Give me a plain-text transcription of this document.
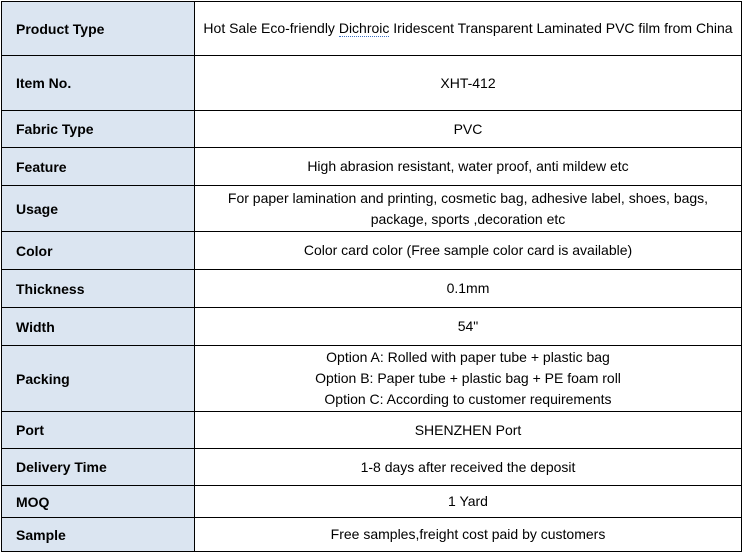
Product Type	Hot Sale Eco-friendly Dichroic Iridescent Transparent Laminated PVC film from China
Item No.	XHT-412
Fabric Type	PVC
Feature	High abrasion resistant, water proof, anti mildew etc
Usage	For paper lamination and printing, cosmetic bag, adhesive label, shoes, bags,
package, sports ,decoration etc

Color	Color card color (Free sample color card is available)
Thickness	0.1mm
Width	54"
Packing	Option A: Rolled with paper tube + plastic bag
Option B: Paper tube + plastic bag + PE foam roll
Option C: According to customer requirements

Port	SHENZHEN Port
Delivery Time	1-8 days after received the deposit
MOQ	1 Yard
Sample	Free samples,freight cost paid by customers
